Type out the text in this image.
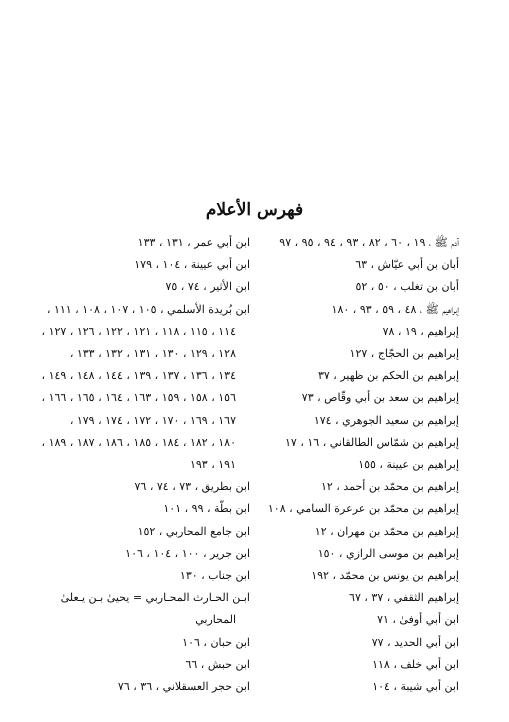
فهرس الأعلام
آدم ﷺ ، ١٩ ، ٦٠ ، ٨٢ ، ٩٣ ، ٩٤ ، ٩٥ ، ٩٧
أبان بن أبي عيّاش ، ٦٣
أبان بن تغلب ، ٥٠ ، ٥٢
إبراهيم ﷺ ، ٤٨ ، ٥٩ ، ٩٣ ، ١٨٠
إبراهيم ، ١٩ ، ٧٨
إبراهيم بن الحجّاج ، ١٢٧
إبراهيم بن الحكم بن ظهير ، ٣٧
إبراهيم بن سعد بن أبي وقّاص ، ٧٣
إبراهيم بن سعيد الجوهري ، ١٧٤
إبراهيم بن شمّاس الطالقاني ، ١٦ ، ١٧
إبراهيم بن عيينة ، ١٥٥
إبراهيم بن محمّد بن أحمد ، ١٢
إبراهيم بن محمّد بن عرعرة السامي ، ١٠٨
إبراهيم بن محمّد بن مهران ، ١٢
إبراهيم بن موسى الرازي ، ١٥٠
إبراهيم بن يونس بن محمّد ، ١٩٢
إبراهيم الثقفي ، ٣٧ ، ٦٧
ابن أبي أوفىٰ ، ٧١
ابن أبي الحديد ، ٧٧
ابن أبي خلف ، ١١٨
ابن أبي شيبة ، ١٠٤
ابن أبي عمر ، ١٣١ ، ١٣٣
ابن أبي عيينة ، ١٠٤ ، ١٧٩
ابن الأثير ، ٧٤ ، ٧٥
ابن بُريدة الأسلمي ، ١٠٥ ، ١٠٧ ، ١٠٨ ، ١١١ ،
١١٤ ، ١١٥ ، ١١٨ ، ١٢١ ، ١٢٢ ، ١٢٦ ، ١٢٧ ،
١٢٨ ، ١٢٩ ، ١٣٠ ، ١٣١ ، ١٣٢ ، ١٣٣ ،
١٣٤ ، ١٣٦ ، ١٣٧ ، ١٣٩ ، ١٤٤ ، ١٤٨ ، ١٤٩ ،
١٥٦ ، ١٥٨ ، ١٥٩ ، ١٦٣ ، ١٦٤ ، ١٦٥ ، ١٦٦ ،
١٦٧ ، ١٦٩ ، ١٧٠ ، ١٧٢ ، ١٧٤ ، ١٧٩ ،
١٨٠ ، ١٨٢ ، ١٨٤ ، ١٨٥ ، ١٨٦ ، ١٨٧ ، ١٨٩ ،
١٩١ ، ١٩٣
ابن بطريق ، ٧٣ ، ٧٤ ، ٧٦
ابن بطّة ، ٩٩ ، ١٠١
ابن جامع المحاربي ، ١٥٢
ابن جرير ، ١٠٠ ، ١٠٤ ، ١٠٦
ابن جناب ، ١٣٠
ابـن الحـارث المحـاربي = يحيىٰ بـن يـعلىٰ
المحاربي
ابن حبان ، ١٠٦
ابن حبش ، ٦٦
ابن حجر العسقلاني ، ٣٦ ، ٧٦
